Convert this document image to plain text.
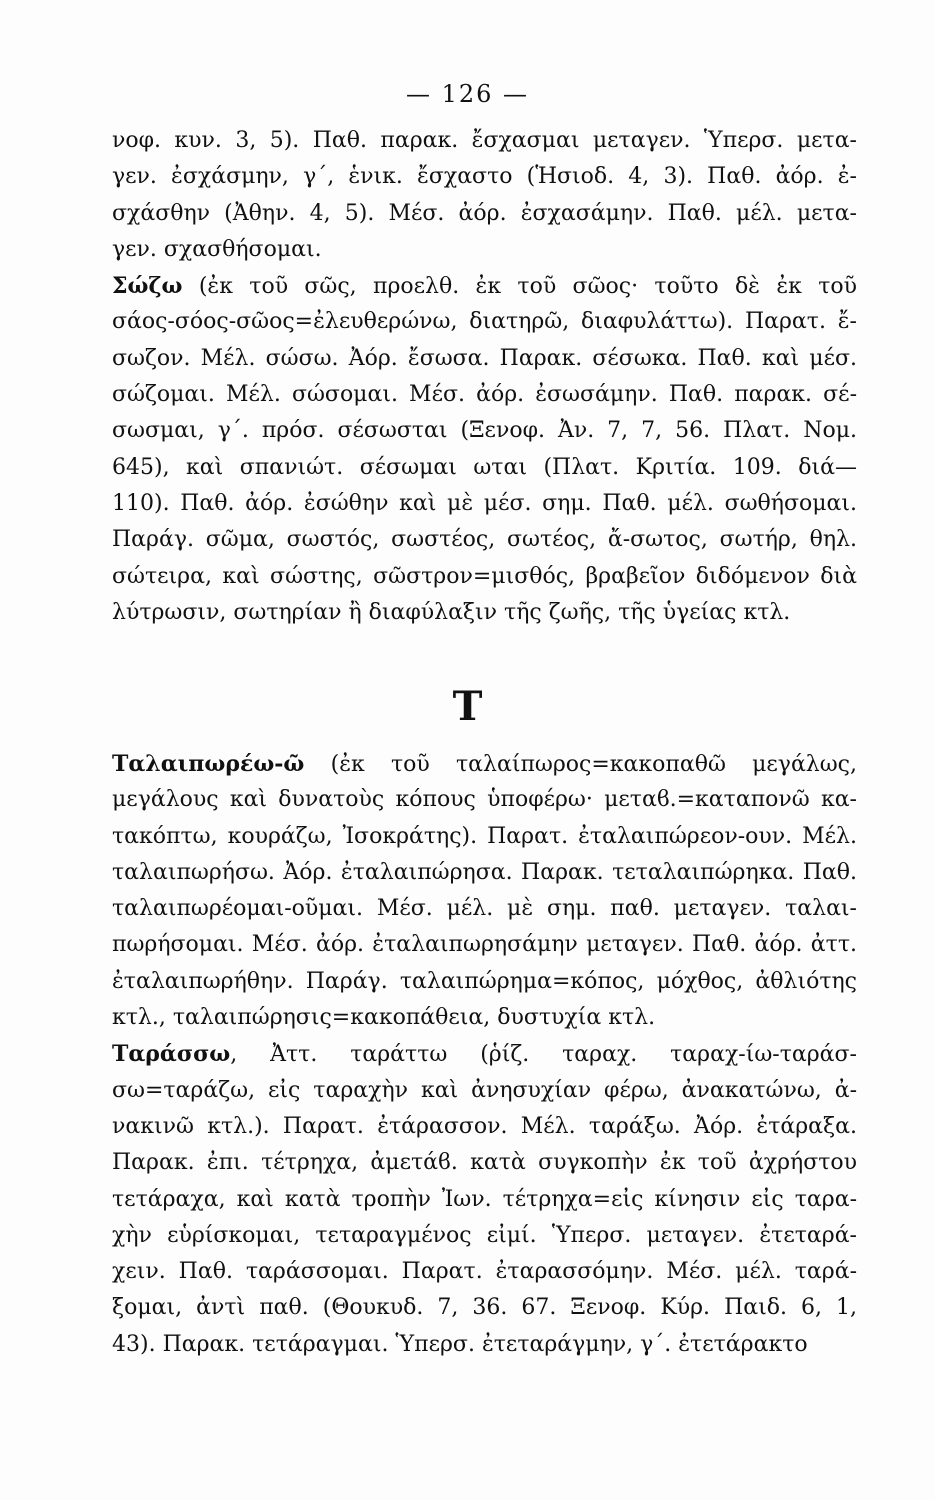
— 126 —
νοφ. κυν. 3, 5). Παθ. παρακ. ἔσχασμαι μεταγεν. Ὑπερσ. μετα-
γεν. ἐσχάσμην, γ΄, ἑνικ. ἔσχαστο (Ἡσιοδ. 4, 3). Παθ. ἀόρ. ἐ-
σχάσθην (Ἀθην. 4, 5). Μέσ. ἀόρ. ἐσχασάμην. Παθ. μέλ. μετα-
γεν. σχασθήσομαι.
Σώζω (ἐκ τοῦ σῶς, προελθ. ἐκ τοῦ σῶος· τοῦτο δὲ ἐκ τοῦ
σάος-σόος-σῶος=ἐλευθερώνω, διατηρῶ, διαφυλάττω). Παρατ. ἔ-
σωζον. Μέλ. σώσω. Ἀόρ. ἔσωσα. Παρακ. σέσωκα. Παθ. καὶ μέσ.
σώζομαι. Μέλ. σώσομαι. Μέσ. ἀόρ. ἐσωσάμην. Παθ. παρακ. σέ-
σωσμαι, γ΄. πρόσ. σέσωσται (Ξενοφ. Ἀν. 7, 7, 56. Πλατ. Νομ.
645), καὶ σπανιώτ. σέσωμαι ωται (Πλατ. Κριτία. 109. διά—
110). Παθ. ἀόρ. ἐσώθην καὶ μὲ μέσ. σημ. Παθ. μέλ. σωθήσομαι.
Παράγ. σῶμα, σωστός, σωστέος, σωτέος, ἄ-σωτος, σωτήρ, θηλ.
σώτειρα, καὶ σώστης, σῶστρον=μισθός, βραβεῖον διδόμενον διὰ
λύτρωσιν, σωτηρίαν ἢ διαφύλαξιν τῆς ζωῆς, τῆς ὑγείας κτλ.
Τ
Ταλαιπωρέω-ῶ (ἐκ τοῦ ταλαίπωρος=κακοπαθῶ μεγάλως,
μεγάλους καὶ δυνατοὺς κόπους ὑποφέρω· μεταϐ.=καταπονῶ κα-
τακόπτω, κουράζω, Ἰσοκράτης). Παρατ. ἐταλαιπώρεον-ουν. Μέλ.
ταλαιπωρήσω. Ἀόρ. ἐταλαιπώρησα. Παρακ. τεταλαιπώρηκα. Παθ.
ταλαιπωρέομαι-οῦμαι. Μέσ. μέλ. μὲ σημ. παθ. μεταγεν. ταλαι-
πωρήσομαι. Μέσ. ἀόρ. ἐταλαιπωρησάμην μεταγεν. Παθ. ἀόρ. ἀττ.
ἐταλαιπωρήθην. Παράγ. ταλαιπώρημα=κόπος, μόχθος, ἀθλιότης
κτλ., ταλαιπώρησις=κακοπάθεια, δυστυχία κτλ.
Ταράσσω, Ἀττ. ταράττω (ῥίζ. ταραχ. ταραχ-ίω-ταράσ-
σω=ταράζω, εἰς ταραχὴν καὶ ἀνησυχίαν φέρω, ἀνακατώνω, ἀ-
νακινῶ κτλ.). Παρατ. ἐτάρασσον. Μέλ. ταράξω. Ἀόρ. ἐτάραξα.
Παρακ. ἐπι. τέτρηχα, ἀμετάϐ. κατὰ συγκοπὴν ἐκ τοῦ ἀχρήστου
τετάραχα, καὶ κατὰ τροπὴν Ἰων. τέτρηχα=εἰς κίνησιν εἰς ταρα-
χὴν εὑρίσκομαι, τεταραγμένος εἰμί. Ὑπερσ. μεταγεν. ἐτεταρά-
χειν. Παθ. ταράσσομαι. Παρατ. ἐταρασσόμην. Μέσ. μέλ. ταρά-
ξομαι, ἀντὶ παθ. (Θουκυδ. 7, 36. 67. Ξενοφ. Κύρ. Παιδ. 6, 1,
43). Παρακ. τετάραγμαι. Ὑπερσ. ἐτεταράγμην, γ΄. ἐτετάρακτο
